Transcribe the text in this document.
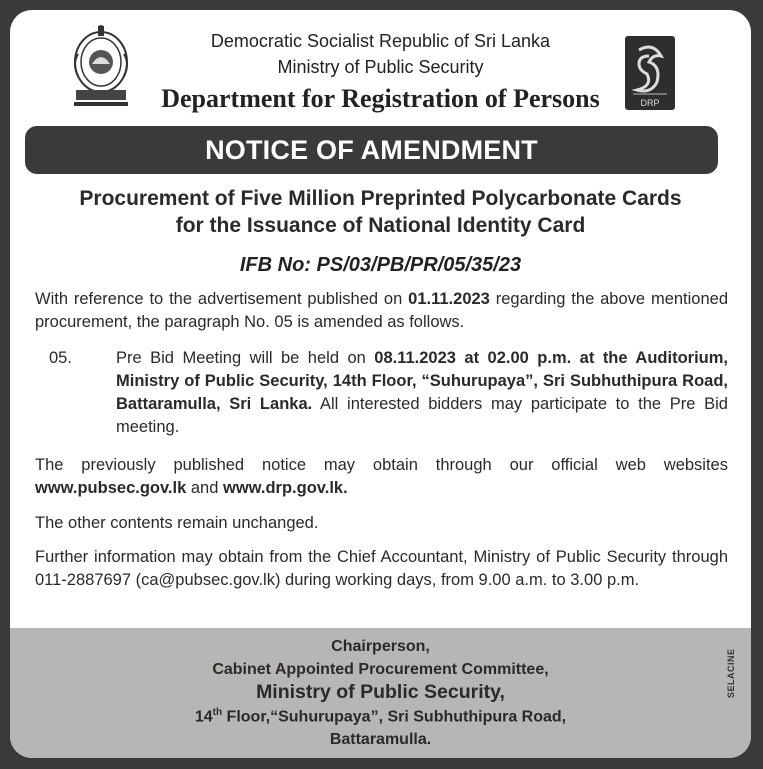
Democratic Socialist Republic of Sri Lanka
Ministry of Public Security
Department for Registration of Persons	DRP
NOTICE OF AMENDMENT
Procurement of Five Million Preprinted Polycarbonate Cards
for the Issuance of National Identity Card
IFB No: PS/03/PB/PR/05/35/23
With reference to the advertisement published on 01.11.2023 regarding the above mentioned procurement, the paragraph No. 05 is amended as follows.
05.	Pre Bid Meeting will be held on 08.11.2023 at 02.00 p.m. at the Auditorium, Ministry of Public Security, 14th Floor, “Suhurupaya”, Sri Subhuthipura Road, Battaramulla, Sri Lanka. All interested bidders may participate to the Pre Bid meeting.
The previously published notice may obtain through our official web websites www.pubsec.gov.lk and www.drp.gov.lk.
The other contents remain unchanged.
Further information may obtain from the Chief Accountant, Ministry of Public Security through 011-2887697 (ca@pubsec.gov.lk) during working days, from 9.00 a.m. to 3.00 p.m.
Chairperson,
Cabinet Appointed Procurement Committee,
Ministry of Public Security,
14th Floor,“Suhurupaya”, Sri Subhuthipura Road,
Battaramulla.
SELACINE
